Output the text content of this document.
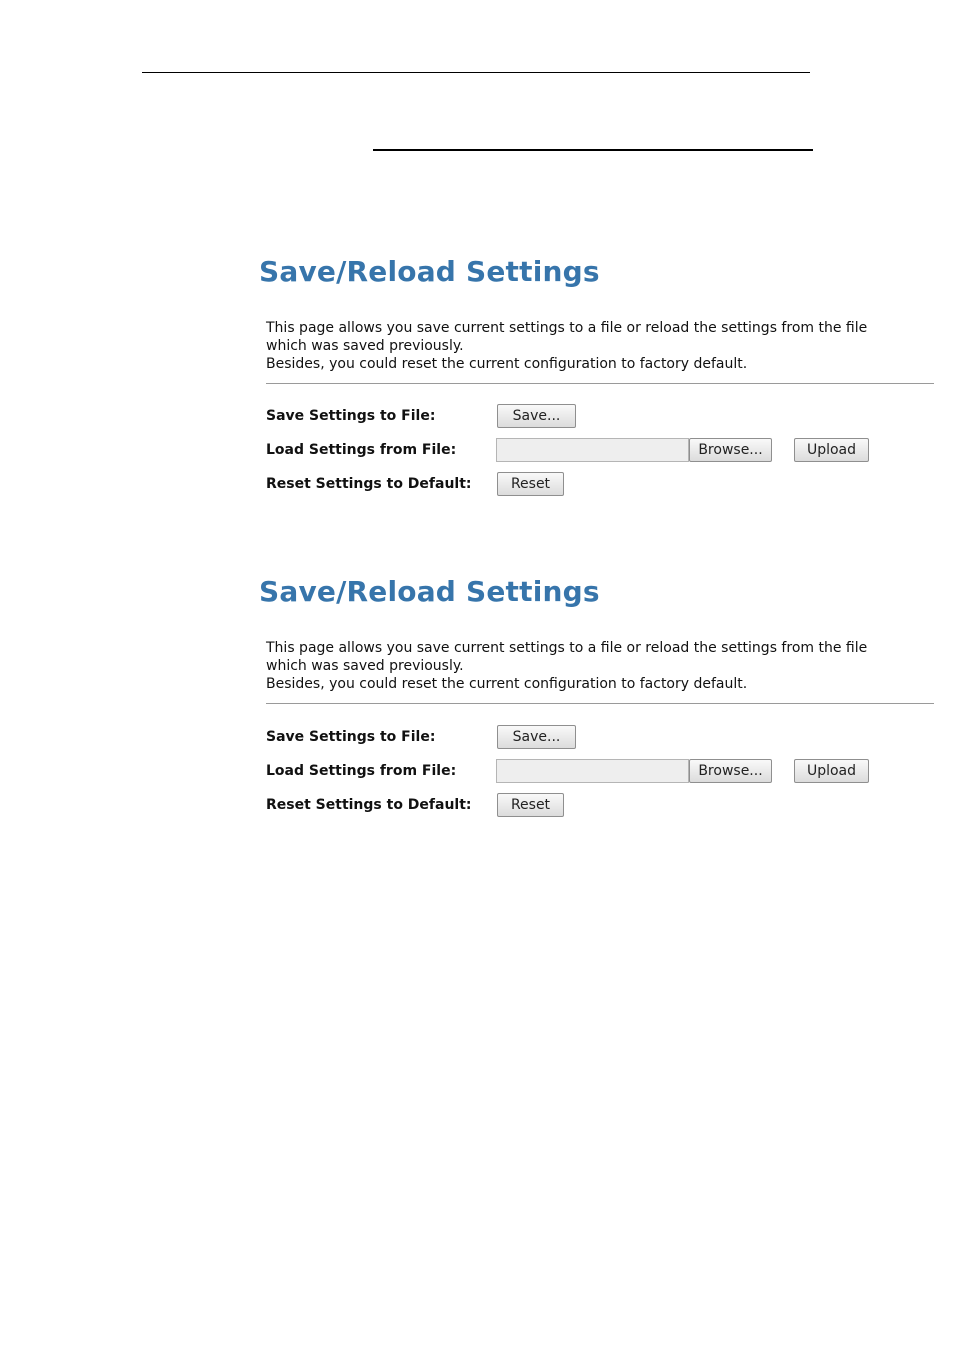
Save/Reload Settings

This page allows you save current settings to a file or reload the settings from the file

which was saved previously.

Besides, you could reset the current configuration to factory default.

Save Settings to File:	Save...
Load Settings from File:	Browse...	Upload
Reset Settings to Default:	Reset
Save/Reload Settings

This page allows you save current settings to a file or reload the settings from the file

which was saved previously.

Besides, you could reset the current configuration to factory default.

Save Settings to File:	Save...
Load Settings from File:	Browse...	Upload
Reset Settings to Default:	Reset
